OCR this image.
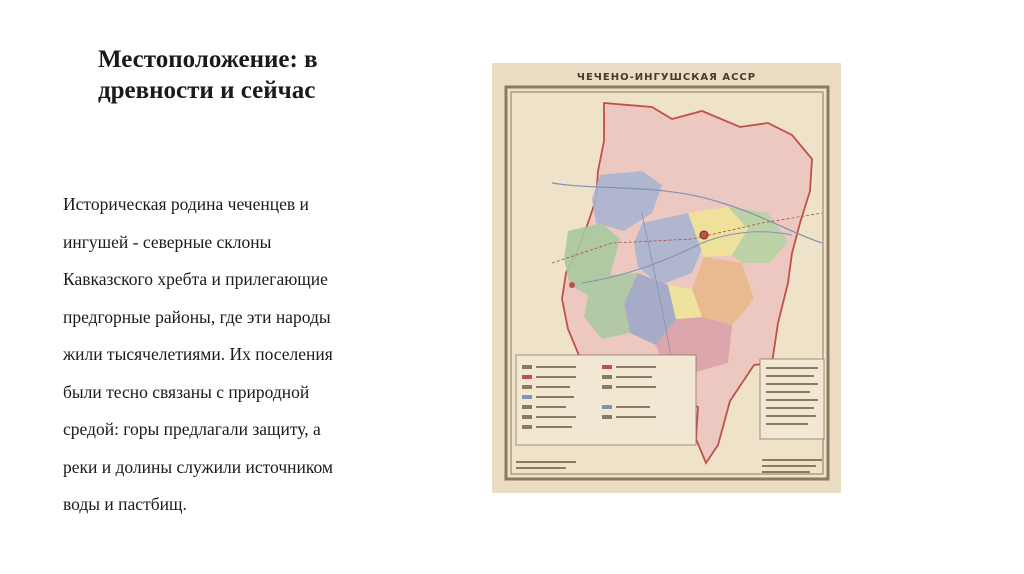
Местоположение: в
древности и сейчас
Историческая родина чеченцев и
ингушей - северные склоны
Кавказского хребта и прилегающие
предгорные районы, где эти народы
жили тысячелетиями. Их поселения
были тесно связаны с природной
средой: горы предлагали защиту, а
реки и долины служили источником
воды и пастбищ.
ЧЕЧЕНО-ИНГУШСКАЯ АССР
